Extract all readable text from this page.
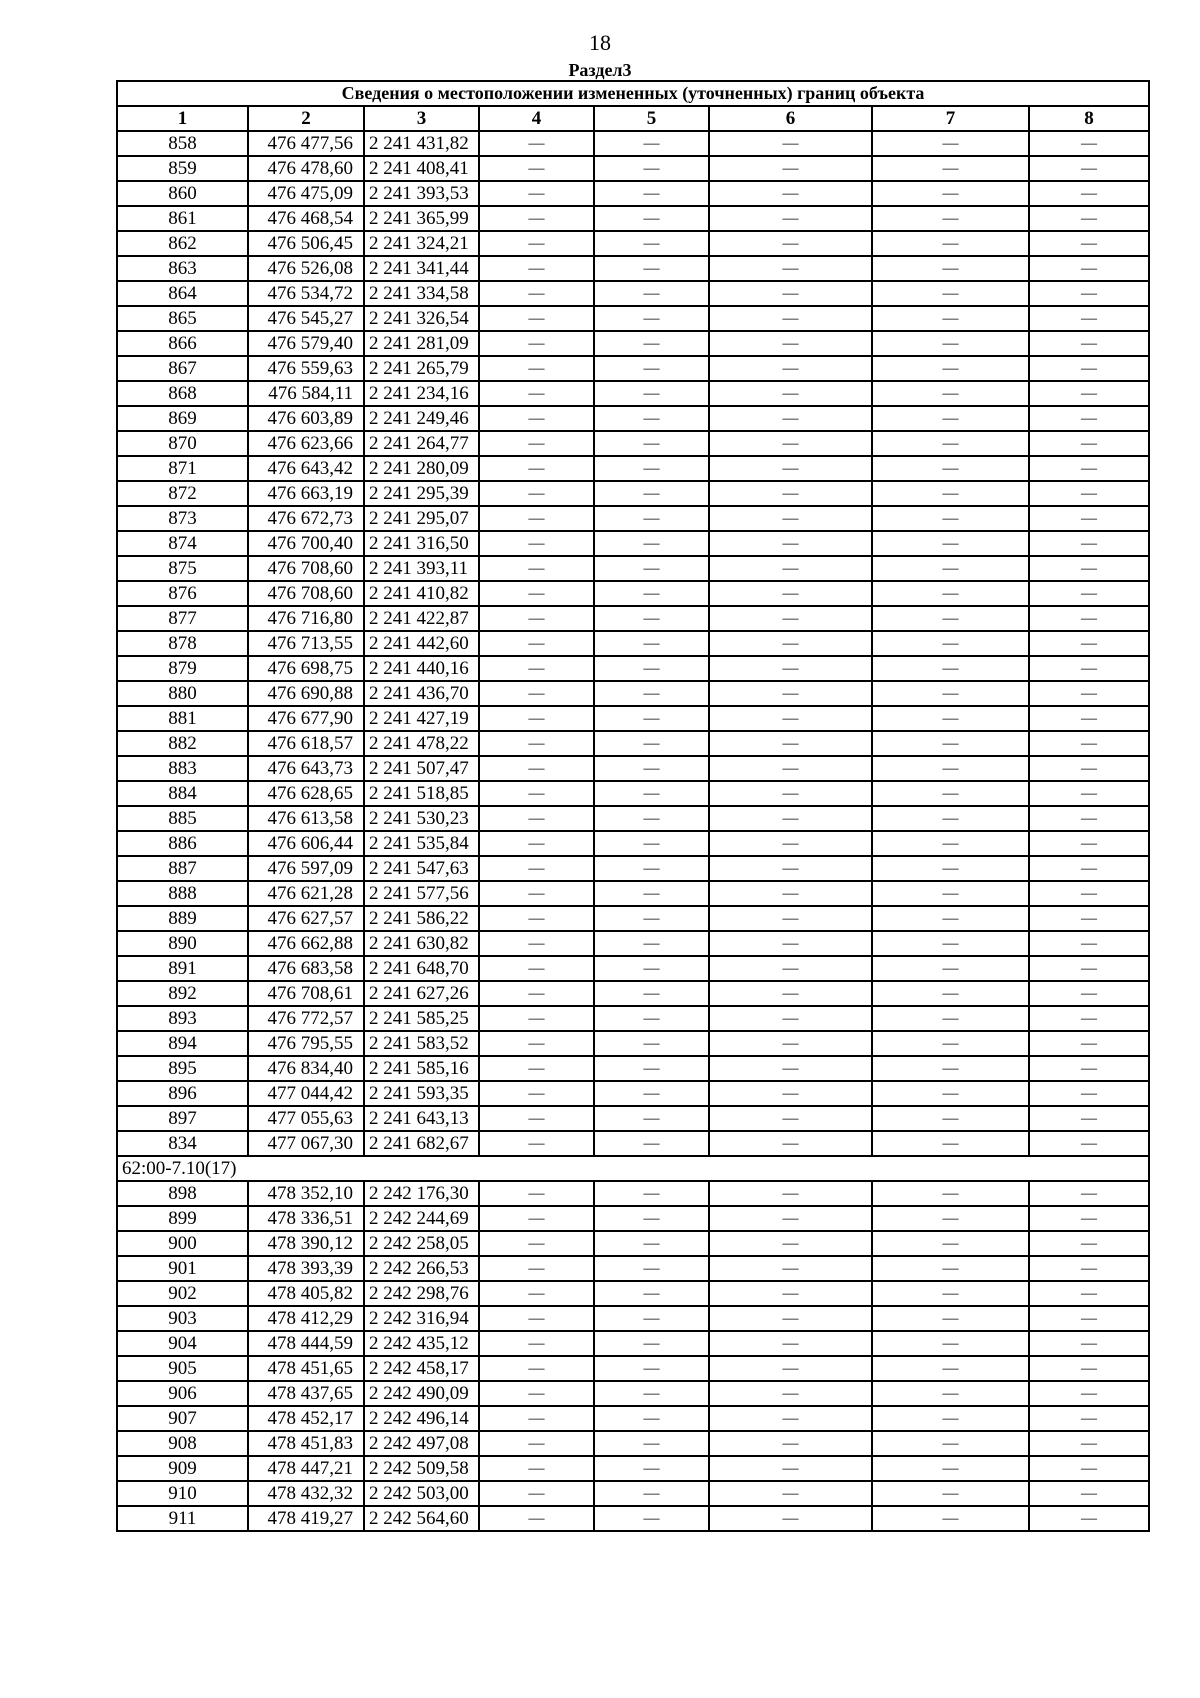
18
Раздел3
Сведения о местоположении измененных (уточненных) границ объекта							
1	2	3	4	5	6	7	8
858	476 477,56	2 241 431,82	—	—	—	—	—
859	476 478,60	2 241 408,41	—	—	—	—	—
860	476 475,09	2 241 393,53	—	—	—	—	—
861	476 468,54	2 241 365,99	—	—	—	—	—
862	476 506,45	2 241 324,21	—	—	—	—	—
863	476 526,08	2 241 341,44	—	—	—	—	—
864	476 534,72	2 241 334,58	—	—	—	—	—
865	476 545,27	2 241 326,54	—	—	—	—	—
866	476 579,40	2 241 281,09	—	—	—	—	—
867	476 559,63	2 241 265,79	—	—	—	—	—
868	476 584,11	2 241 234,16	—	—	—	—	—
869	476 603,89	2 241 249,46	—	—	—	—	—
870	476 623,66	2 241 264,77	—	—	—	—	—
871	476 643,42	2 241 280,09	—	—	—	—	—
872	476 663,19	2 241 295,39	—	—	—	—	—
873	476 672,73	2 241 295,07	—	—	—	—	—
874	476 700,40	2 241 316,50	—	—	—	—	—
875	476 708,60	2 241 393,11	—	—	—	—	—
876	476 708,60	2 241 410,82	—	—	—	—	—
877	476 716,80	2 241 422,87	—	—	—	—	—
878	476 713,55	2 241 442,60	—	—	—	—	—
879	476 698,75	2 241 440,16	—	—	—	—	—
880	476 690,88	2 241 436,70	—	—	—	—	—
881	476 677,90	2 241 427,19	—	—	—	—	—
882	476 618,57	2 241 478,22	—	—	—	—	—
883	476 643,73	2 241 507,47	—	—	—	—	—
884	476 628,65	2 241 518,85	—	—	—	—	—
885	476 613,58	2 241 530,23	—	—	—	—	—
886	476 606,44	2 241 535,84	—	—	—	—	—
887	476 597,09	2 241 547,63	—	—	—	—	—
888	476 621,28	2 241 577,56	—	—	—	—	—
889	476 627,57	2 241 586,22	—	—	—	—	—
890	476 662,88	2 241 630,82	—	—	—	—	—
891	476 683,58	2 241 648,70	—	—	—	—	—
892	476 708,61	2 241 627,26	—	—	—	—	—
893	476 772,57	2 241 585,25	—	—	—	—	—
894	476 795,55	2 241 583,52	—	—	—	—	—
895	476 834,40	2 241 585,16	—	—	—	—	—
896	477 044,42	2 241 593,35	—	—	—	—	—
897	477 055,63	2 241 643,13	—	—	—	—	—
834	477 067,30	2 241 682,67	—	—	—	—	—
62:00-7.10(17)							
898	478 352,10	2 242 176,30	—	—	—	—	—
899	478 336,51	2 242 244,69	—	—	—	—	—
900	478 390,12	2 242 258,05	—	—	—	—	—
901	478 393,39	2 242 266,53	—	—	—	—	—
902	478 405,82	2 242 298,76	—	—	—	—	—
903	478 412,29	2 242 316,94	—	—	—	—	—
904	478 444,59	2 242 435,12	—	—	—	—	—
905	478 451,65	2 242 458,17	—	—	—	—	—
906	478 437,65	2 242 490,09	—	—	—	—	—
907	478 452,17	2 242 496,14	—	—	—	—	—
908	478 451,83	2 242 497,08	—	—	—	—	—
909	478 447,21	2 242 509,58	—	—	—	—	—
910	478 432,32	2 242 503,00	—	—	—	—	—
911	478 419,27	2 242 564,60	—	—	—	—	—
